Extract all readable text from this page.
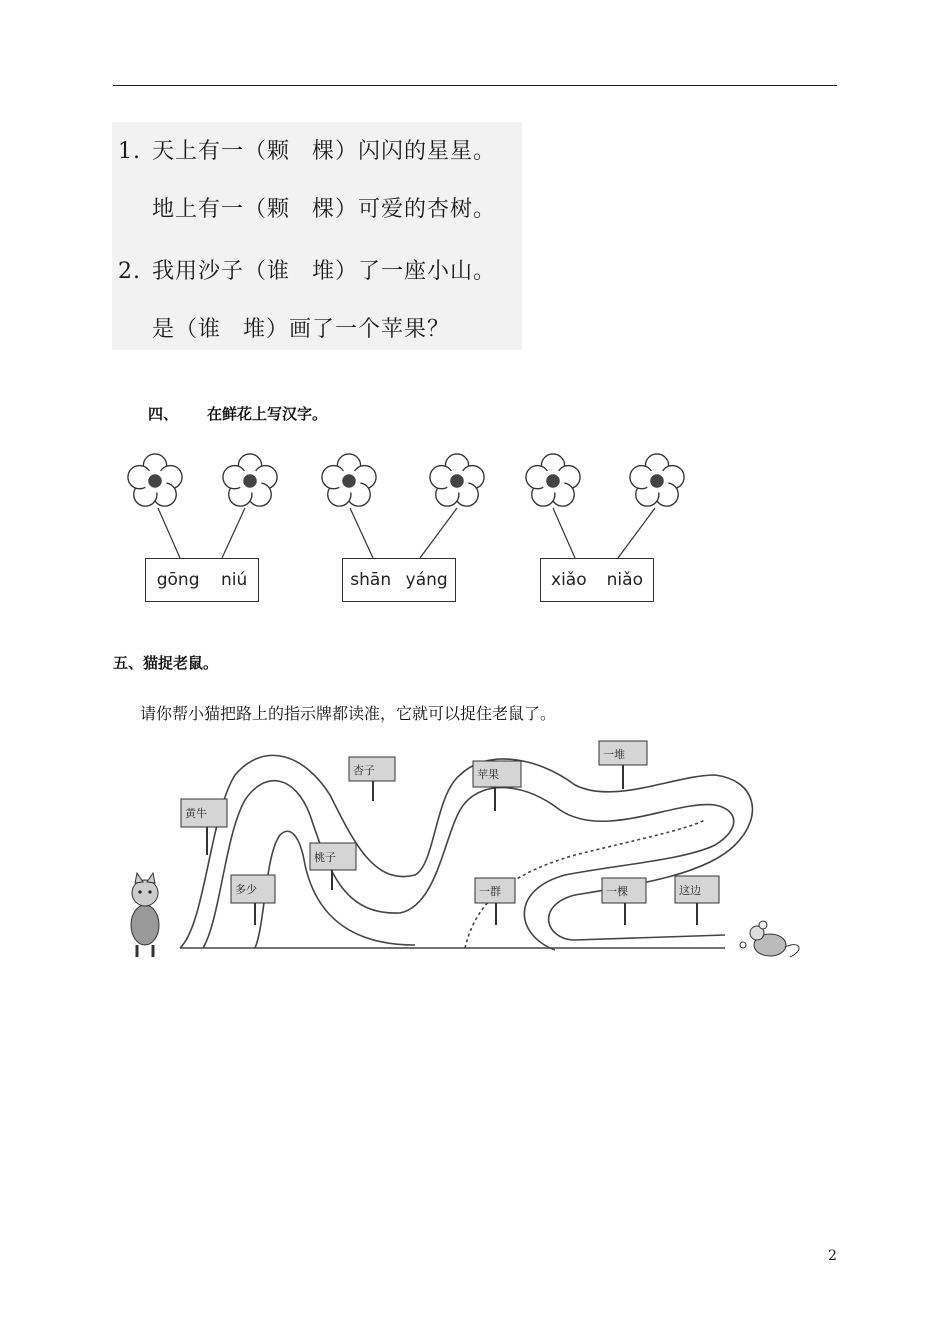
1. 天上有一（颗 棵）闪闪的星星。
地上有一（颗 棵）可爱的杏树。
2. 我用沙子（谁 堆）了一座小山。
是（谁 堆）画了一个苹果？
四、 在鲜花上写汉字。
gōng niú	shān yáng	xiǎo niǎo
五、猫捉老鼠。
请你帮小猫把路上的指示牌都读准，它就可以捉住老鼠了。
黄牛
多少
桃子
杏子	苹果
一群
一堆
一棵	这边
2
